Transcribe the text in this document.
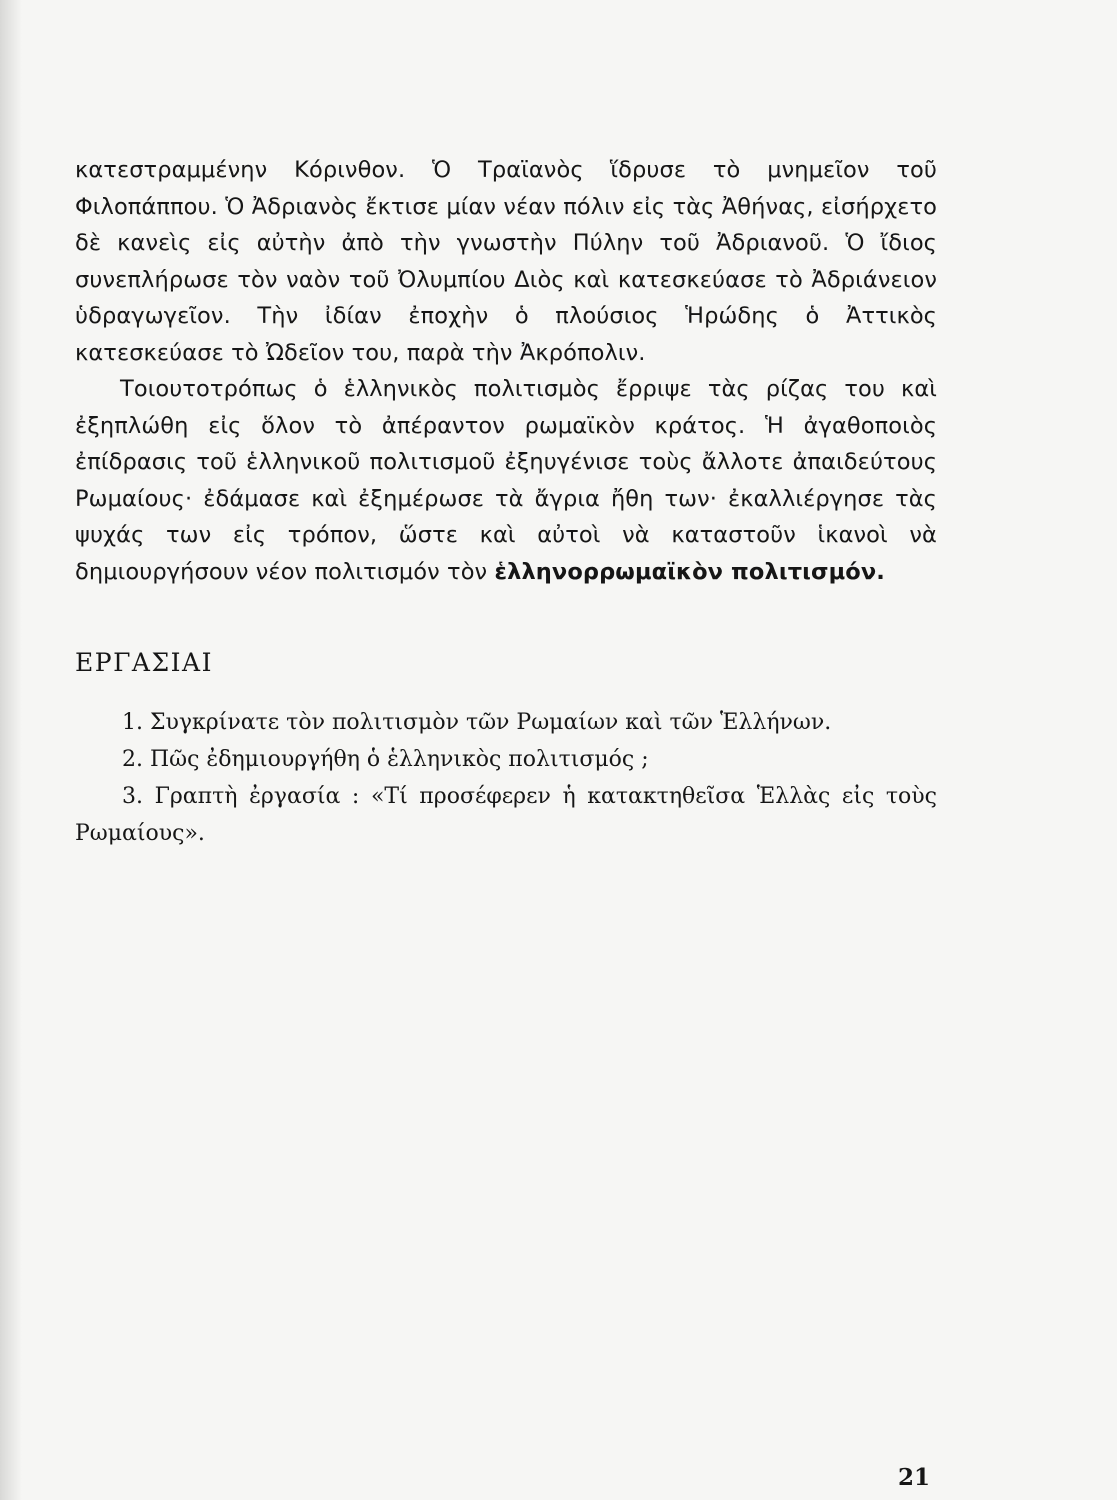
κατεστραμμένην Κόρινθον. Ὁ Τραϊανὸς ἵδρυσε τὸ μνημεῖον τοῦ Φιλοπάππου. Ὁ Ἀδριανὸς ἔκτισε μίαν νέαν πόλιν εἰς τὰς Ἀθήνας, εἰσήρχετο δὲ κανεὶς εἰς αὐτὴν ἀπὸ τὴν γνωστὴν Πύλην τοῦ Ἀδριανοῦ. Ὁ ἴδιος συνεπλήρωσε τὸν ναὸν τοῦ Ὀλυμπίου Διὸς καὶ κατεσκεύασε τὸ Ἀδριάνειον ὑδραγωγεῖον. Τὴν ἰδίαν ἐποχὴν ὁ πλούσιος Ἡρώδης ὁ Ἀττικὸς κατεσκεύασε τὸ Ὠδεῖον του, παρὰ τὴν Ἀκρόπολιν.

Τοιουτοτρόπως ὁ ἑλληνικὸς πολιτισμὸς ἔρριψε τὰς ρίζας του καὶ ἐξηπλώθη εἰς ὅλον τὸ ἀπέραντον ρωμαϊκὸν κράτος. Ἡ ἀγαθοποιὸς ἐπίδρασις τοῦ ἑλληνικοῦ πολιτισμοῦ ἐξηυγένισε τοὺς ἄλλοτε ἀπαιδεύτους Ρωμαίους· ἐδάμασε καὶ ἐξημέρωσε τὰ ἄγρια ἤθη των· ἐκαλλιέργησε τὰς ψυχάς των εἰς τρόπον, ὥστε καὶ αὐτοὶ νὰ καταστοῦν ἱκανοὶ νὰ δημιουργήσουν νέον πολιτισμόν τὸν ἑλληνορρωμαϊκὸν πολιτισμόν.

ΕΡΓΑΣΙΑΙ
1. Συγκρίνατε τὸν πολιτισμὸν τῶν Ρωμαίων καὶ τῶν Ἑλλήνων.
2. Πῶς ἐδημιουργήθη ὁ ἑλληνικὸς πολιτισμός ;
3. Γραπτὴ ἐργασία : «Τί προσέφερεν ἡ κατακτηθεῖσα Ἑλλὰς εἰς τοὺς Ρωμαίους».
21
